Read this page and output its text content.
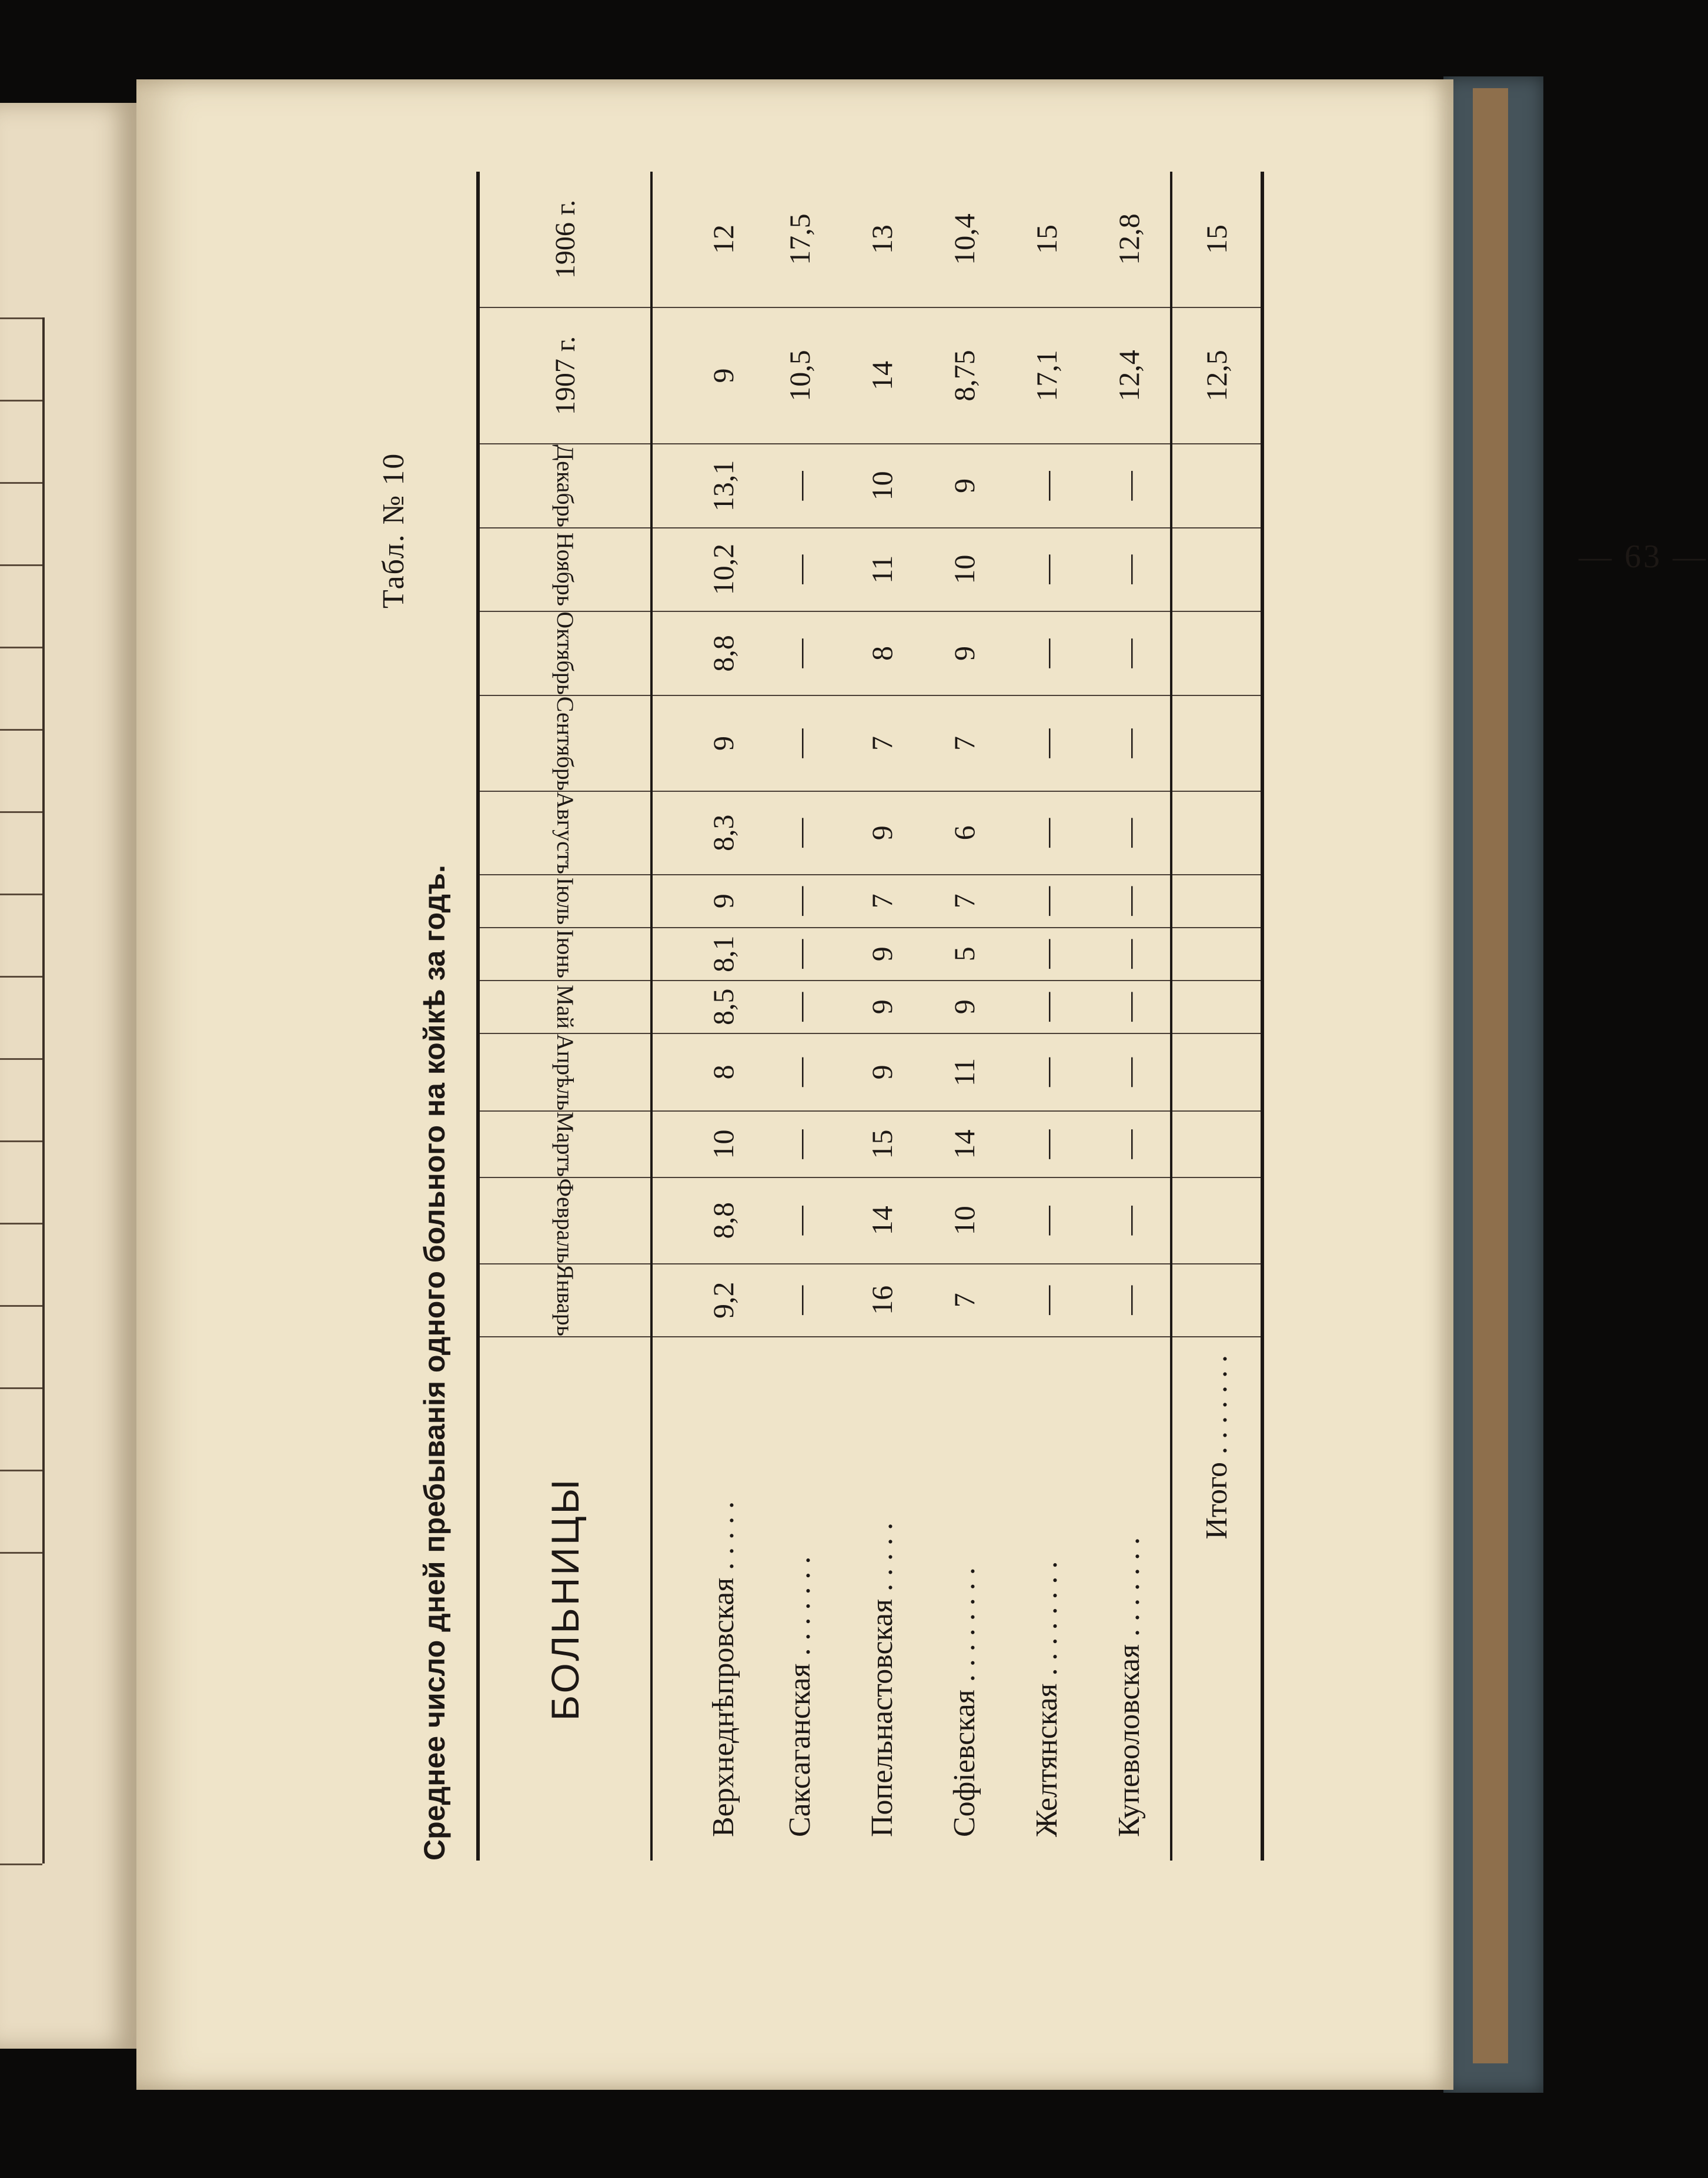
— 63 —
Табл. № 10
Среднее число дней пребыванія одного больного на койкѣ за годъ. БОЛЬНИЦЫ	Январь	Февраль	Мартъ	Апрѣль	Май	Іюнь	Іюль	Августъ	Сентябрь	Октябрь	Ноябрь	Декабрь	1907 г.	1906 г.
Верхнеднѣпровская . . . . .	9,2	8,8	10	8	8,5	8,1	9	8,3	9	8,8	10,2	13,1	9	12
Саксаганская . . . . . . .	—	—	—	—	—	—	—	—	—	—	—	—	10,5	17,5
Попельнастовская . . . . .	16	14	15	9	9	9	7	9	7	8	11	10	14	13
Софіевская . . . . . . . .	7	10	14	11	9	5	7	6	7	9	10	9	8,75	10,4
Желтянская . . . . . . . .	—	—	—	—	—	—	—	—	—	—	—	—	17,1	15
Купеволовская . . . . . . .	—	—	—	—	—	—	—	—	—	—	—	—	12,4	12,8
Итого . . . . . . .													12,5	15
